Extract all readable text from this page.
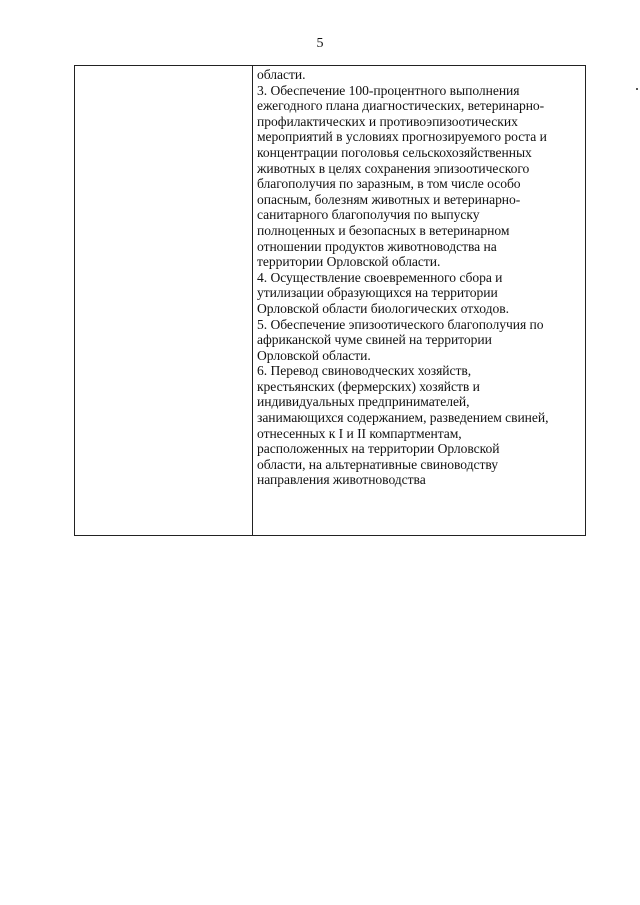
5
области.
3. Обеспечение 100-процентного выполнения
ежегодного плана диагностических, ветеринарно-
профилактических и противоэпизоотических
мероприятий в условиях прогнозируемого роста и
концентрации поголовья сельскохозяйственных
животных в целях сохранения эпизоотического
благополучия по заразным, в том числе особо
опасным, болезням животных и ветеринарно-
санитарного благополучия по выпуску
полноценных и безопасных в ветеринарном
отношении продуктов животноводства на
территории Орловской области.
4. Осуществление своевременного сбора и
утилизации образующихся на территории
Орловской области биологических отходов.
5. Обеспечение эпизоотического благополучия по
африканской чуме свиней на территории
Орловской области.
6. Перевод свиноводческих хозяйств,
крестьянских (фермерских) хозяйств и
индивидуальных предпринимателей,
занимающихся содержанием, разведением свиней,
отнесенных к I и II компартментам,
расположенных на территории Орловской
области, на альтернативные свиноводству
направления животноводства
